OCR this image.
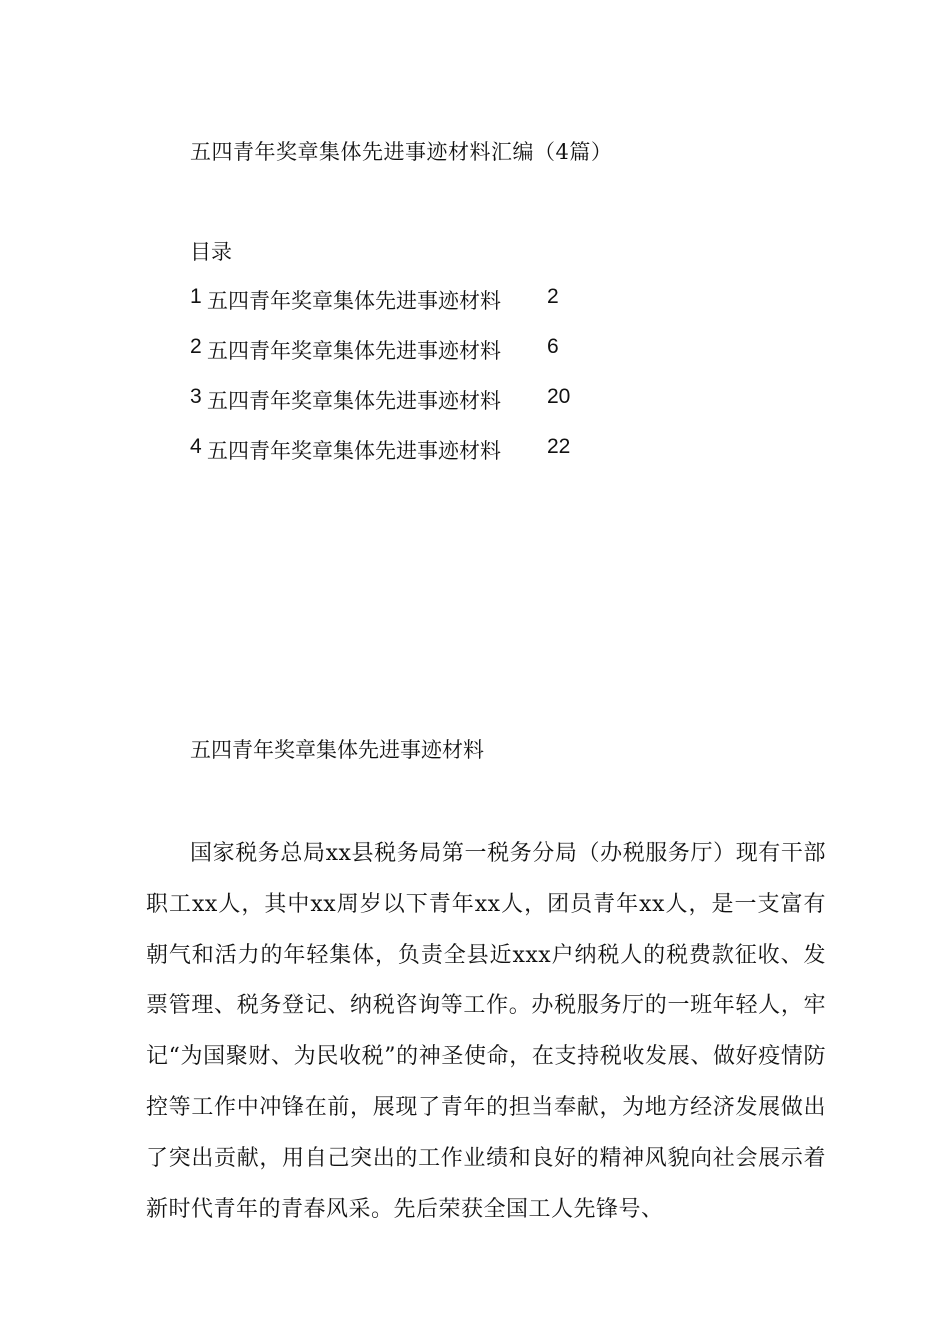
五四青年奖章集体先进事迹材料汇编（4篇）
目录
1 五四青年奖章集体先进事迹材料 2
2 五四青年奖章集体先进事迹材料 6
3 五四青年奖章集体先进事迹材料 20
4 五四青年奖章集体先进事迹材料 22
五四青年奖章集体先进事迹材料

国家税务总局xx县税务局第一税务分局（办税服务厅）现有干部职工xx人，其中xx周岁以下青年xx人，团员青年xx人，是一支富有朝气和活力的年轻集体，负责全县近xxx户纳税人的税费款征收、发票管理、税务登记、纳税咨询等工作。办税服务厅的一班年轻人，牢记“为国聚财、为民收税”的神圣使命，在支持税收发展、做好疫情防控等工作中冲锋在前，展现了青年的担当奉献，为地方经济发展做出了突出贡献，用自己突出的工作业绩和良好的精神风貌向社会展示着新时代青年的青春风采。先后荣获全国工人先锋号、
